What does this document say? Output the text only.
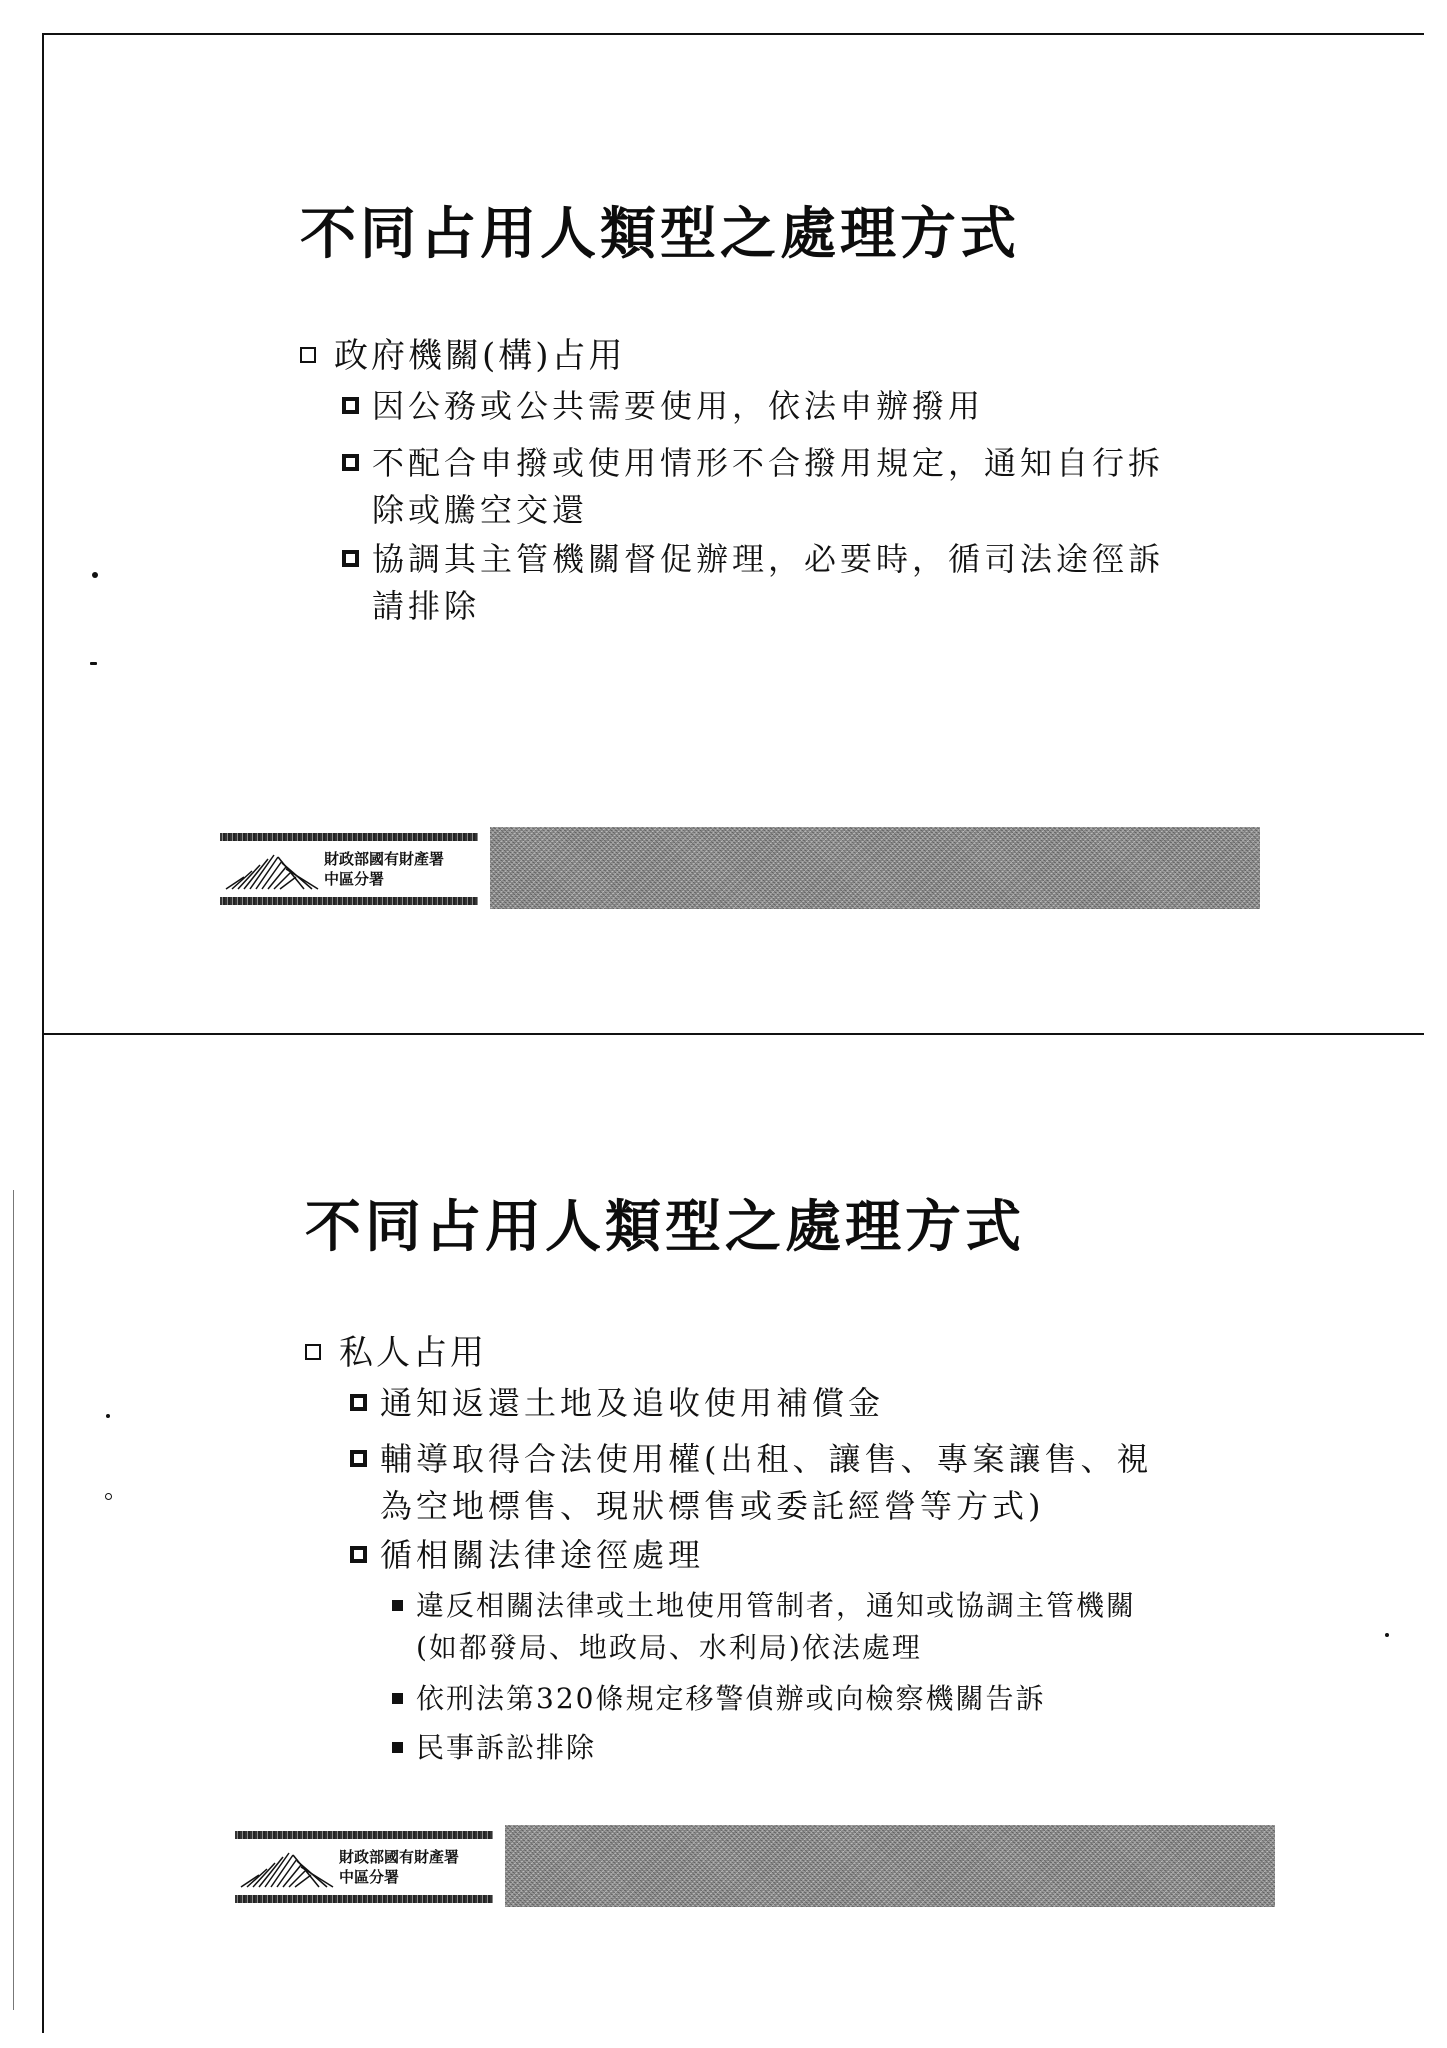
不同占用人類型之處理方式
政府機關(構)占用
因公務或公共需要使用，依法申辦撥用
不配合申撥或使用情形不合撥用規定，通知自行拆
除或騰空交還
協調其主管機關督促辦理，必要時，循司法途徑訴
請排除
財政部國有財產署
中區分署
不同占用人類型之處理方式
私人占用
通知返還土地及追收使用補償金
輔導取得合法使用權(出租、讓售、專案讓售、視
為空地標售、現狀標售或委託經營等方式)
循相關法律途徑處理
違反相關法律或土地使用管制者，通知或協調主管機關
(如都發局、地政局、水利局)依法處理
依刑法第320條規定移警偵辦或向檢察機關告訴
民事訴訟排除
財政部國有財產署
中區分署
